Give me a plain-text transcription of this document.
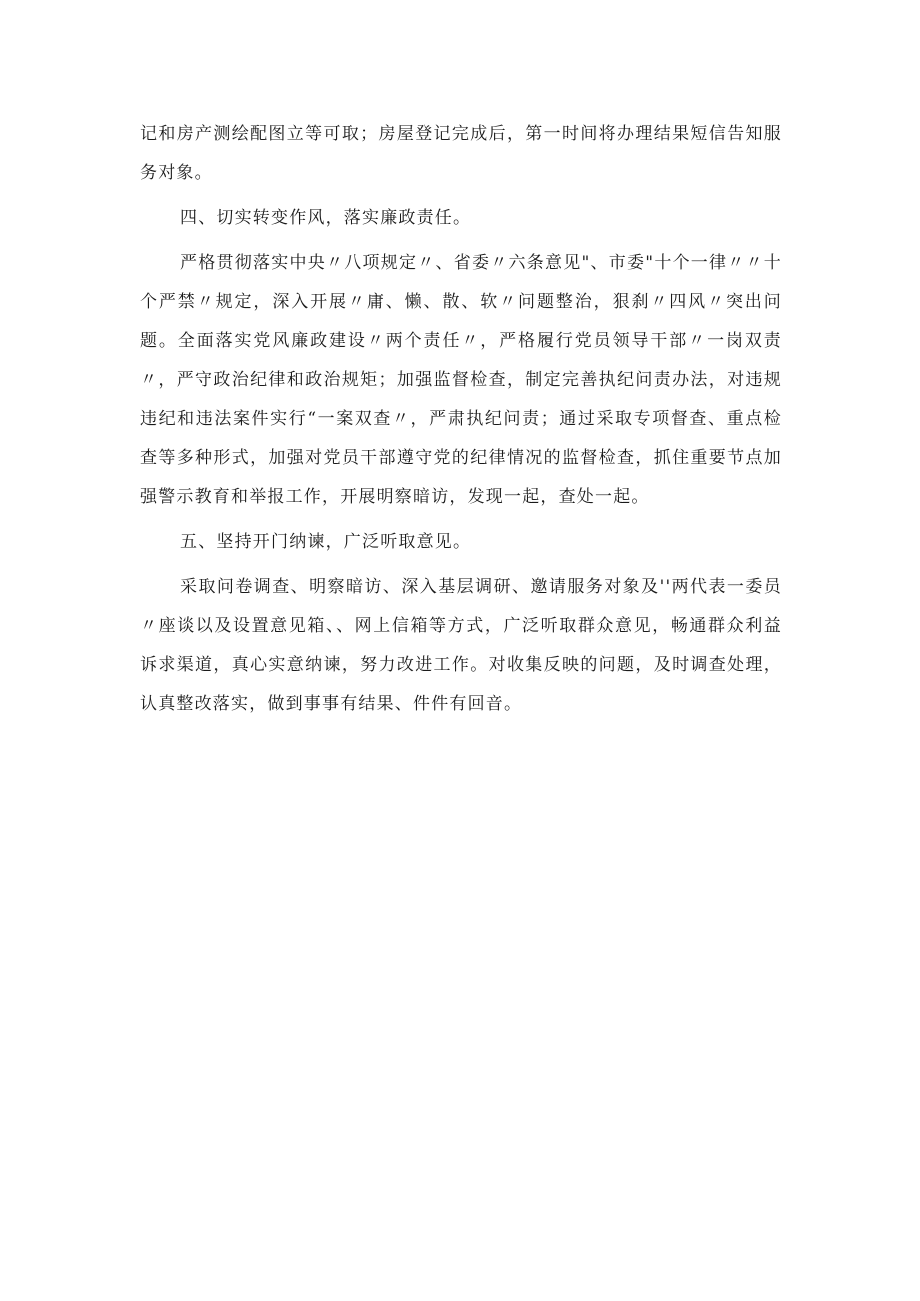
记和房产测绘配图立等可取；房屋登记完成后，第一时间将办理结果短信告知服务对象。

四、切实转变作风，落实廉政责任。

严格贯彻落实中央〃八项规定〃、省委〃六条意见"、市委"十个一律〃〃十个严禁〃规定，深入开展〃庸、懒、散、软〃问题整治，狠刹〃四风〃突出问题。全面落实党风廉政建设〃两个责任〃，严格履行党员领导干部〃一岗双责〃，严守政治纪律和政治规矩；加强监督检查，制定完善执纪问责办法，对违规违纪和违法案件实行“一案双查〃，严肃执纪问责；通过采取专项督查、重点检查等多种形式，加强对党员干部遵守党的纪律情况的监督检查，抓住重要节点加强警示教育和举报工作，开展明察暗访，发现一起，查处一起。

五、坚持开门纳谏，广泛听取意见。

采取问卷调查、明察暗访、深入基层调研、邀请服务对象及''两代表一委员〃座谈以及设置意见箱、、网上信箱等方式，广泛听取群众意见，畅通群众利益诉求渠道，真心实意纳谏，努力改进工作。对收集反映的问题，及时调查处理，认真整改落实，做到事事有结果、件件有回音。
